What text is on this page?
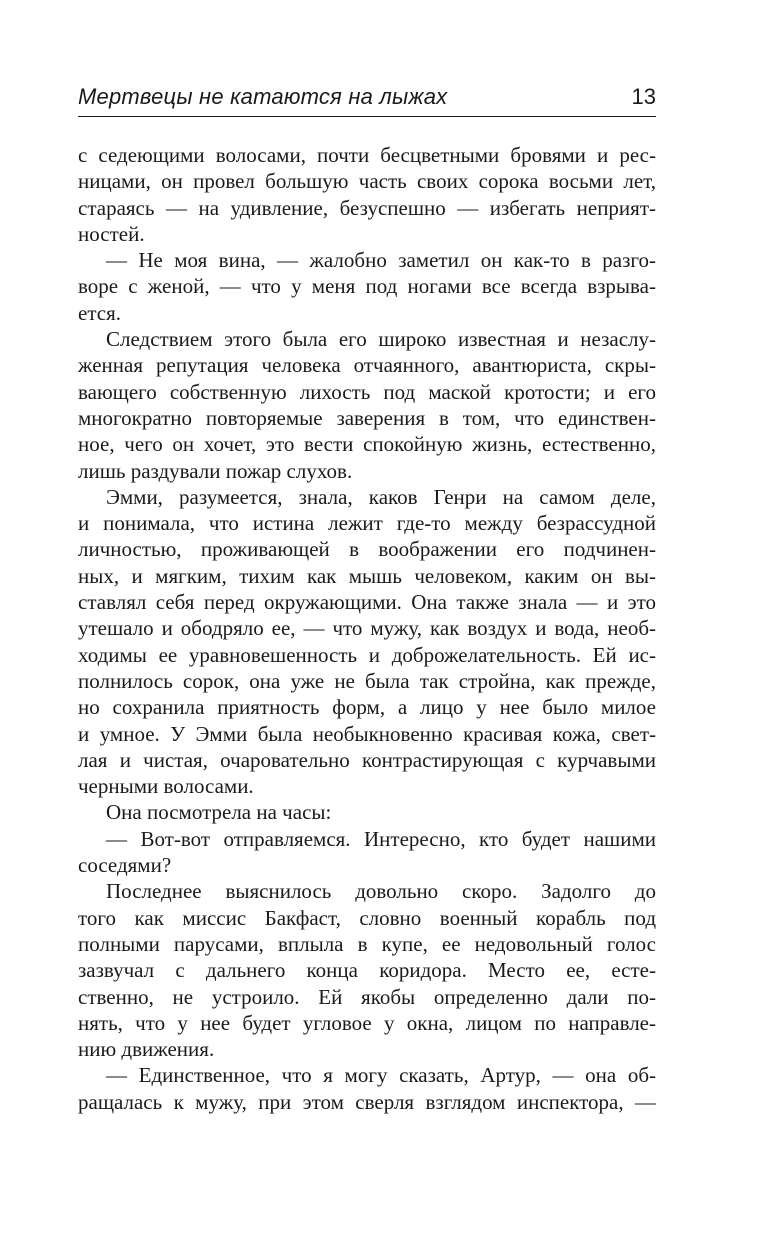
Мертвецы не катаются на лыжах	13
с седеющими волосами, почти бесцветными бровями и рес-
ницами, он провел большую часть своих сорока восьми лет,
стараясь — на удивление, безуспешно — избегать неприят-
ностей.
— Не моя вина, — жалобно заметил он как-то в разго-
воре с женой, — что у меня под ногами все всегда взрыва-
ется.
Следствием этого была его широко известная и незаслу-
женная репутация человека отчаянного, авантюриста, скры-
вающего собственную лихость под маской кротости; и его
многократно повторяемые заверения в том, что единствен-
ное, чего он хочет, это вести спокойную жизнь, естественно,
лишь раздували пожар слухов.
Эмми, разумеется, знала, каков Генри на самом деле,
и понимала, что истина лежит где-то между безрассудной
личностью, проживающей в воображении его подчинен-
ных, и мягким, тихим как мышь человеком, каким он вы-
ставлял себя перед окружающими. Она также знала — и это
утешало и ободряло ее, — что мужу, как воздух и вода, необ-
ходимы ее уравновешенность и доброжелательность. Ей ис-
полнилось сорок, она уже не была так стройна, как прежде,
но сохранила приятность форм, а лицо у нее было милое
и умное. У Эмми была необыкновенно красивая кожа, свет-
лая и чистая, очаровательно контрастирующая с курчавыми
черными волосами.
Она посмотрела на часы:
— Вот-вот отправляемся. Интересно, кто будет нашими
соседями?
Последнее выяснилось довольно скоро. Задолго до
того как миссис Бакфаст, словно военный корабль под
полными парусами, вплыла в купе, ее недовольный голос
зазвучал с дальнего конца коридора. Место ее, есте-
ственно, не устроило. Ей якобы определенно дали по-
нять, что у нее будет угловое у окна, лицом по направле-
нию движения.
— Единственное, что я могу сказать, Артур, — она об-
ращалась к мужу, при этом сверля взглядом инспектора, —
